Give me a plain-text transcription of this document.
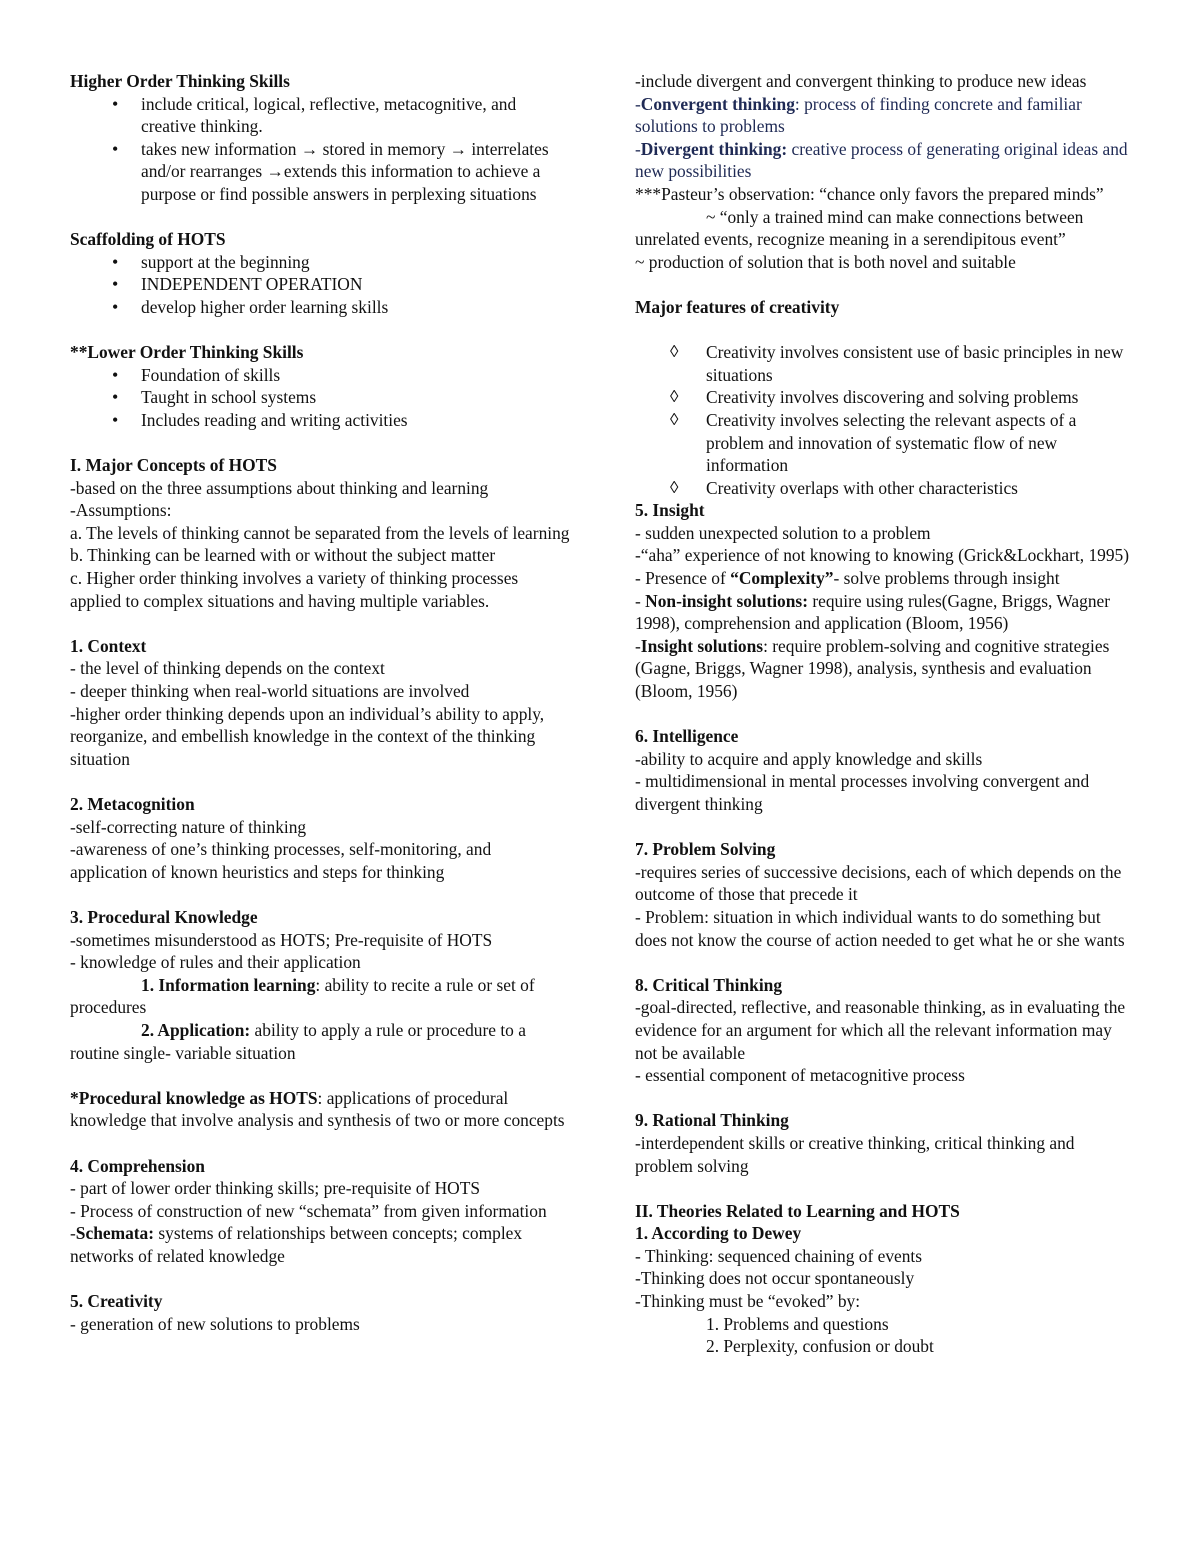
Higher Order Thinking Skills

• include critical, logical, reflective, metacognitive, and creative thinking.
• takes new information → stored in memory → interrelates and/or rearranges →extends this information to achieve a purpose or find possible answers in perplexing situations

Scaffolding of HOTS

• support at the beginning
• INDEPENDENT OPERATION
• develop higher order learning skills

**Lower Order Thinking Skills

• Foundation of skills
• Taught in school systems
• Includes reading and writing activities

I. Major Concepts of HOTS

-based on the three assumptions about thinking and learning

-Assumptions:

a. The levels of thinking cannot be separated from the levels of learning

b. Thinking can be learned with or without the subject matter

c. Higher order thinking involves a variety of thinking processes applied to complex situations and having multiple variables.

1. Context

- the level of thinking depends on the context

- deeper thinking when real-world situations are involved

-higher order thinking depends upon an individual’s ability to apply, reorganize, and embellish knowledge in the context of the thinking situation

2. Metacognition

-self-correcting nature of thinking

-awareness of one’s thinking processes, self-monitoring, and application of known heuristics and steps for thinking

3. Procedural Knowledge

-sometimes misunderstood as HOTS; Pre-requisite of HOTS

- knowledge of rules and their application

1. Information learning: ability to recite a rule or set of procedures

2. Application: ability to apply a rule or procedure to a routine single- variable situation

*Procedural knowledge as HOTS: applications of procedural knowledge that involve analysis and synthesis of two or more concepts

4. Comprehension

- part of lower order thinking skills; pre-requisite of HOTS

- Process of construction of new “schemata” from given information

-Schemata: systems of relationships between concepts; complex networks of related knowledge

5. Creativity

- generation of new solutions to problems

-include divergent and convergent thinking to produce new ideas

-Convergent thinking: process of finding concrete and familiar solutions to problems

-Divergent thinking: creative process of generating original ideas and new possibilities

***Pasteur’s observation: “chance only favors the prepared minds”

~ “only a trained mind can make connections between unrelated events, recognize meaning in a serendipitous event”

~ production of solution that is both novel and suitable

Major features of creativity

◊ Creativity involves consistent use of basic principles in new situations
◊ Creativity involves discovering and solving problems
◊ Creativity involves selecting the relevant aspects of a problem and innovation of systematic flow of new information
◊ Creativity overlaps with other characteristics

5. Insight

- sudden unexpected solution to a problem

-“aha” experience of not knowing to knowing (Grick&Lockhart, 1995)

- Presence of “Complexity”- solve problems through insight

- Non-insight solutions: require using rules(Gagne, Briggs, Wagner 1998), comprehension and application (Bloom, 1956)

-Insight solutions: require problem-solving and cognitive strategies (Gagne, Briggs, Wagner 1998), analysis, synthesis and evaluation (Bloom, 1956)

6. Intelligence

-ability to acquire and apply knowledge and skills

- multidimensional in mental processes involving convergent and divergent thinking

7. Problem Solving

-requires series of successive decisions, each of which depends on the outcome of those that precede it

- Problem: situation in which individual wants to do something but does not know the course of action needed to get what he or she wants

8. Critical Thinking

-goal-directed, reflective, and reasonable thinking, as in evaluating the evidence for an argument for which all the relevant information may not be available

- essential component of metacognitive process

9. Rational Thinking

-interdependent skills or creative thinking, critical thinking and problem solving

II. Theories Related to Learning and HOTS

1. According to Dewey

- Thinking: sequenced chaining of events

-Thinking does not occur spontaneously

-Thinking must be “evoked” by:

1. Problems and questions

2. Perplexity, confusion or doubt
